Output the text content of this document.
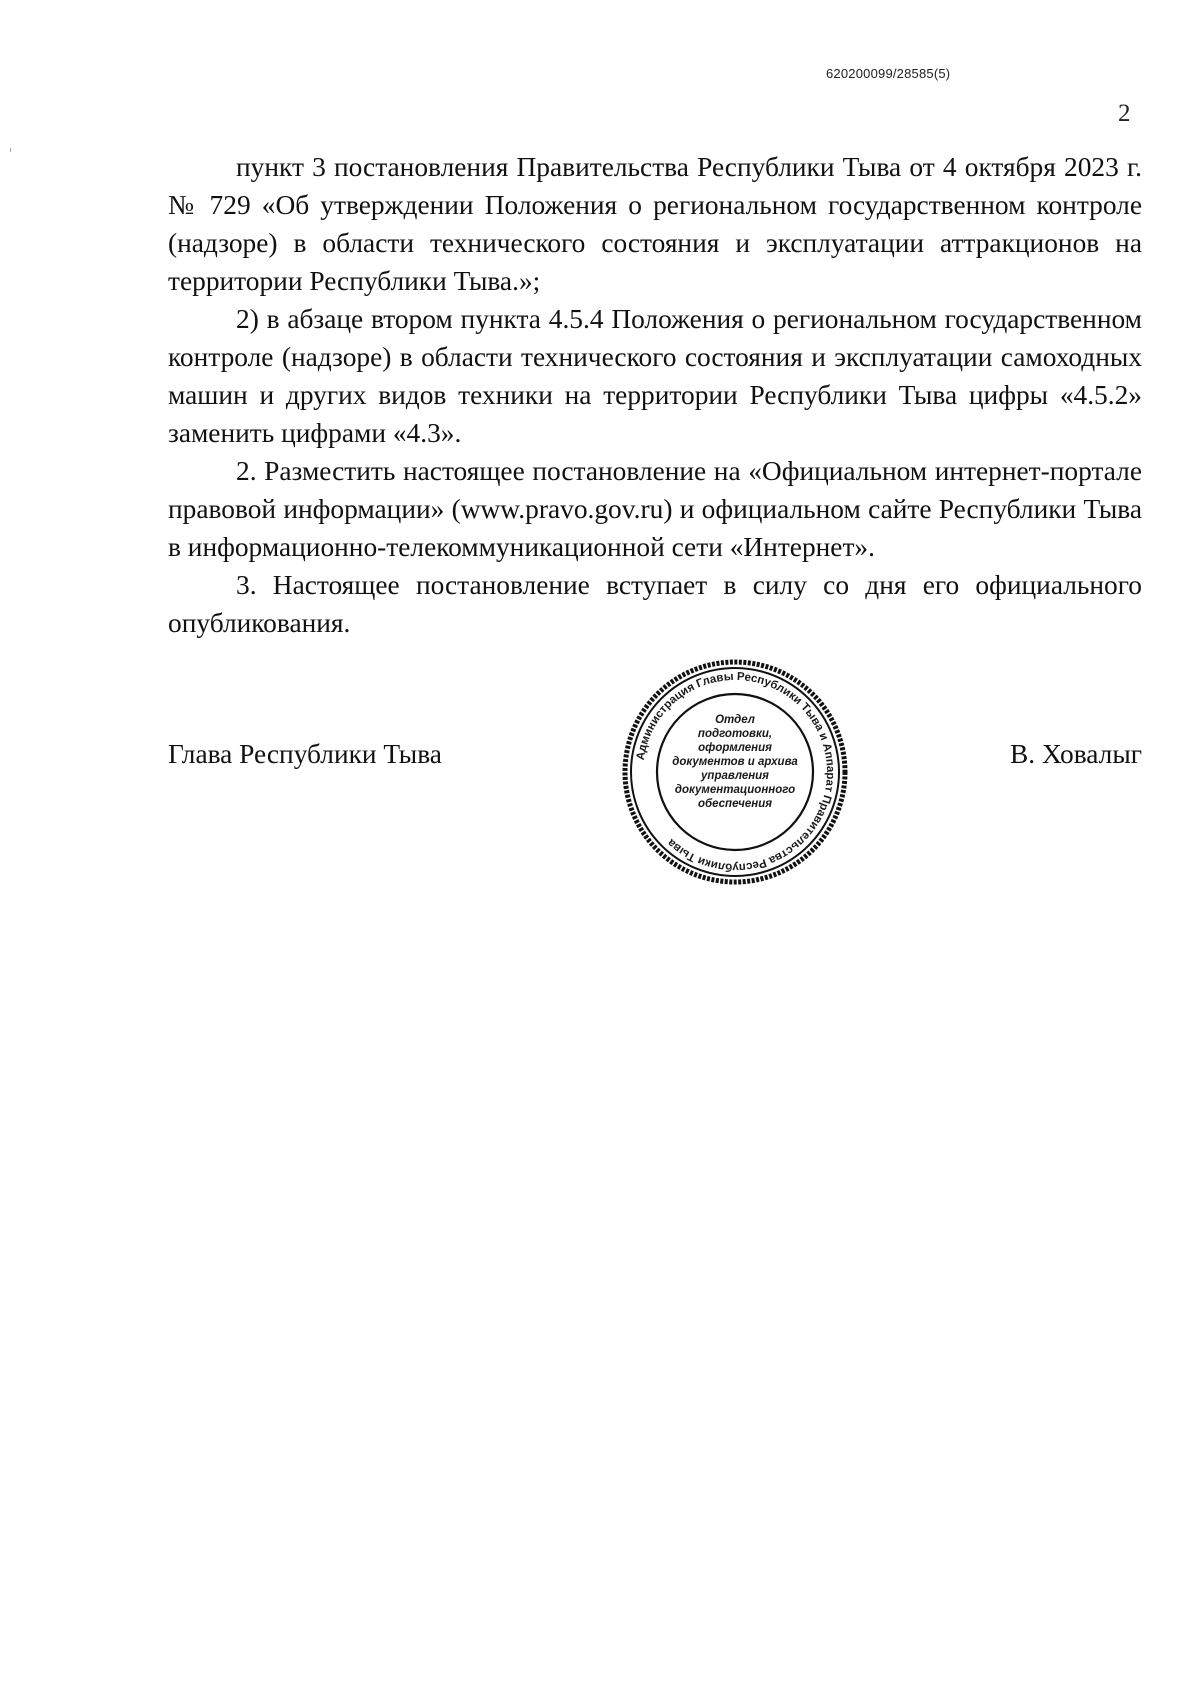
620200099/28585(5)
2

пункт 3 постановления Правительства Республики Тыва от 4 октября 2023 г. № 729 «Об утверждении Положения о региональном государственном контроле (надзоре) в области технического состояния и эксплуатации аттракционов на территории Республики Тыва.»;

2) в абзаце втором пункта 4.5.4 Положения о региональном государственном контроле (надзоре) в области технического состояния и эксплуатации самоходных машин и других видов техники на территории Республики Тыва цифры «4.5.2» заменить цифрами «4.3».

2. Разместить настоящее постановление на «Официальном интернет-портале правовой информации» (www.pravo.gov.ru) и официальном сайте Республики Тыва в информационно-телекоммуникационной сети «Интернет».

3. Настоящее постановление вступает в силу со дня его официального опубликования.

Глава Республики Тыва	В. Ховалыг
Администрация Главы Республики Тыва и Аппарат Правительства Республики Тыва
Отдел
подготовки,
оформления
документов и архива
управления
документационного
обеспечения
